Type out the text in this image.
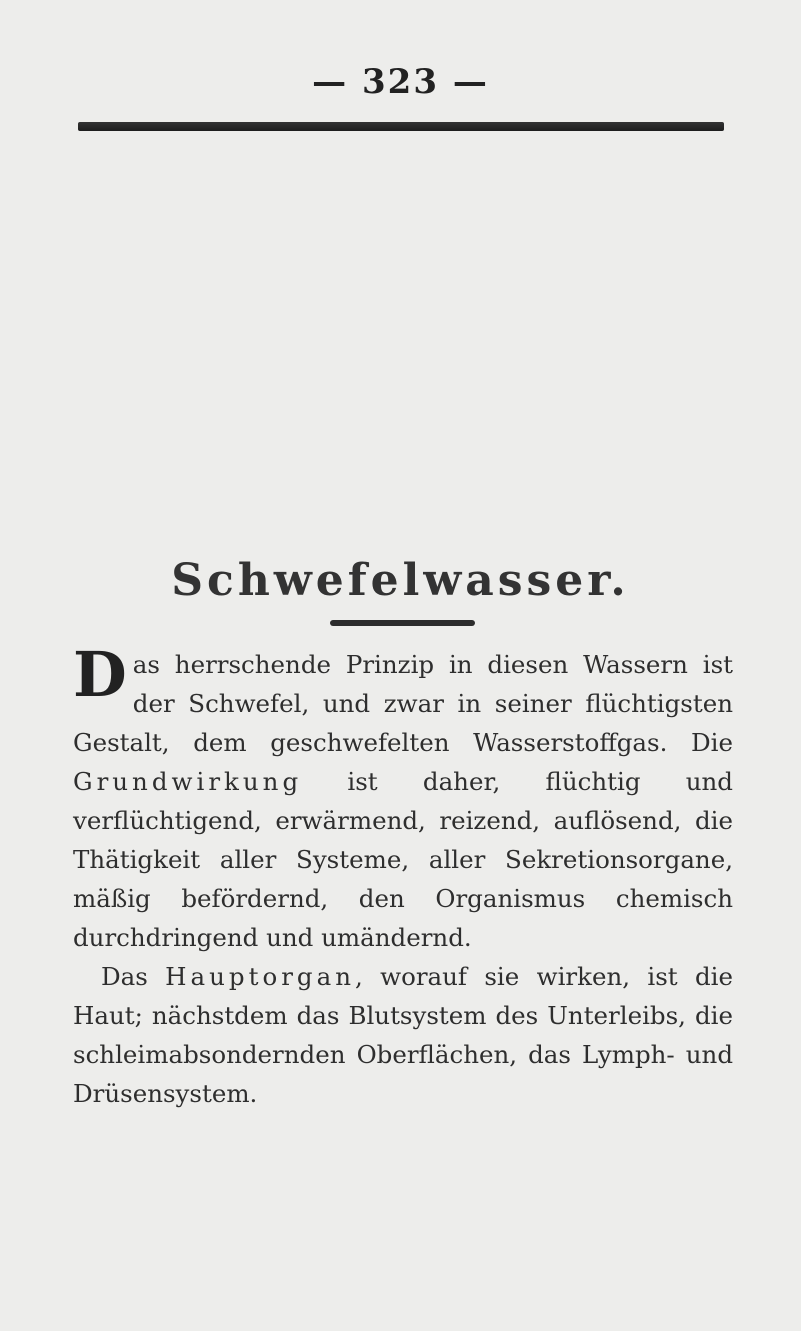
— 323 —
Schwefelwasser.

Das herrschende Prinzip in diesen Wassern ist der Schwefel, und zwar in seiner flüchtigsten Gestalt, dem geschwefelten Wasserstoffgas. Die Grundwirkung ist daher, flüchtig und verflüchtigend, erwärmend, reizend, auflösend, die Thätigkeit aller Systeme, aller Sekretionsorgane, mäßig befördernd, den Organismus chemisch durchdringend und umändernd.

Das Hauptorgan, worauf sie wirken, ist die Haut; nächstdem das Blutsystem des Unterleibs, die schleimabsondernden Oberflächen, das Lymph- und Drüsensystem.
